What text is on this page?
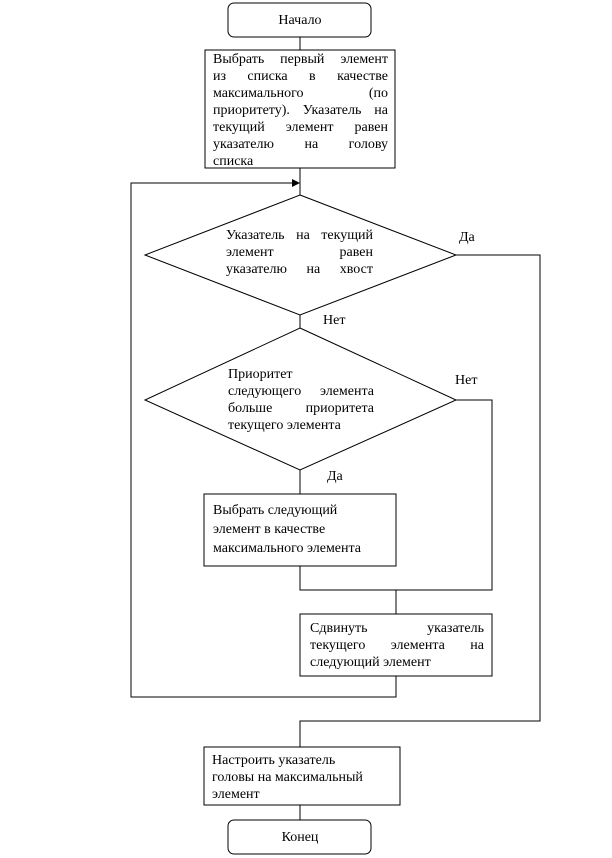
Начало
Да
Нет
Нет
Да
Конец
Выбрать первый элемент
из списка в качестве
максимального (по
приоритету). Указатель на
текущий элемент равен
указателю на голову
списка
Указатель на текущий
элемент равен
указателю на хвост
Приоритет
следующего элемента
больше приоритета
текущего элемента
Выбрать следующий
элемент в качестве
максимального элемента
Сдвинуть указатель
текущего элемента на
следующий элемент
Настроить указатель
головы на максимальный
элемент
